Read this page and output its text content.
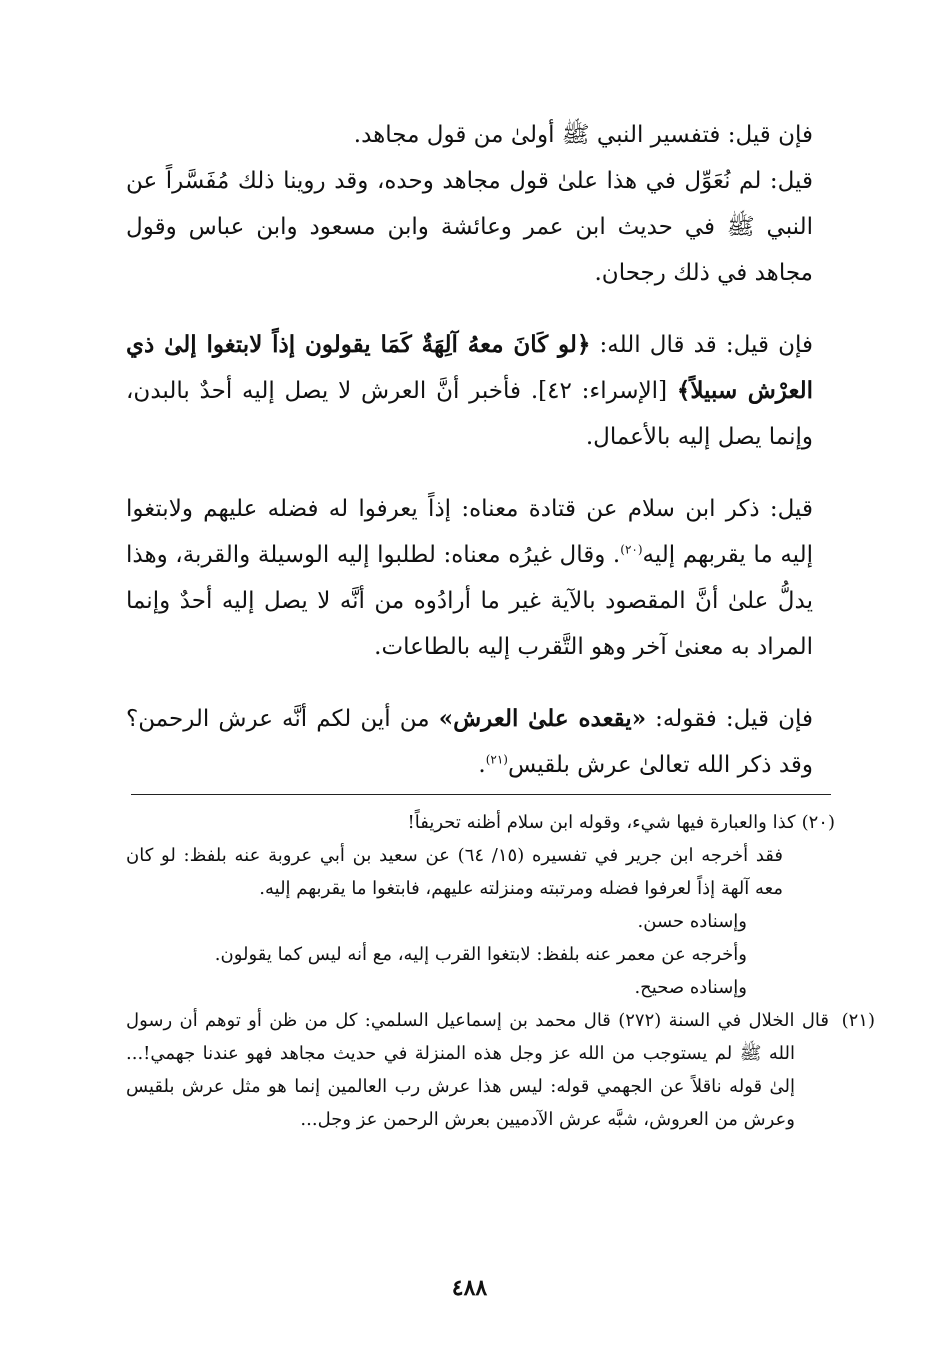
فإن قيل: فتفسير النبي ﷺ أولىٰ من قول مجاهد.

قيل: لم نُعَوِّل في هذا علىٰ قول مجاهد وحده، وقد روينا ذلك مُفَسَّراً عن النبي ﷺ في حديث ابن عمر وعائشة وابن مسعود وابن عباس وقول مجاهد في ذلك رجحان.

فإن قيل: قد قال الله: ﴿لو كَانَ معهُ آلِهَةٌ كَمَا يقولون إذاً لابتغوا إلىٰ ذي العرْش سبيلاً﴾ [الإسراء: ٤٢]. فأخبر أنَّ العرش لا يصل إليه أحدٌ بالبدن، وإنما يصل إليه بالأعمال.

قيل: ذكر ابن سلام عن قتادة معناه: إذاً يعرفوا له فضله عليهم ولابتغوا إليه ما يقربهم إليه$^{(٢٠)}$. وقال غيرُه معناه: لطلبوا إليه الوسيلة والقربة، وهذا يدلُّ علىٰ أنَّ المقصود بالآية غير ما أرادُوه من أنَّه لا يصل إليه أحدٌ وإنما المراد به معنىٰ آخر وهو التَّقرب إليه بالطاعات.

فإن قيل: فقوله: «يقعده علىٰ العرش» من أين لكم أنَّه عرش الرحمن؟ وقد ذكر الله تعالىٰ عرش بلقيس$^{(٢١)}$.

(٢٠)كذا والعبارة فيها شيء، وقوله ابن سلام أظنه تحريفاً!

فقد أخرجه ابن جرير في تفسيره (١٥/ ٦٤) عن سعيد بن أبي عروبة عنه بلفظ: لو كان معه آلهة إذاً لعرفوا فضله ومرتبته ومنزلته عليهم، فابتغوا ما يقربهم إليه.

وإسناده حسن.

وأخرجه عن معمر عنه بلفظ: لابتغوا القرب إليه، مع أنه ليس كما يقولون.

وإسناده صحيح.

(٢١)قال الخلال في السنة (٢٧٢) قال محمد بن إسماعيل السلمي: كل من ظن أو توهم أن رسول الله ﷺ لم يستوجب من الله عز وجل هذه المنزلة في حديث مجاهد فهو عندنا جهمي!... إلىٰ قوله ناقلاً عن الجهمي قوله: ليس هذا عرش رب العالمين إنما هو مثل عرش بلقيس وعرش من العروش، شبَّه عرش الآدميين بعرش الرحمن عز وجل...

٤٨٨
